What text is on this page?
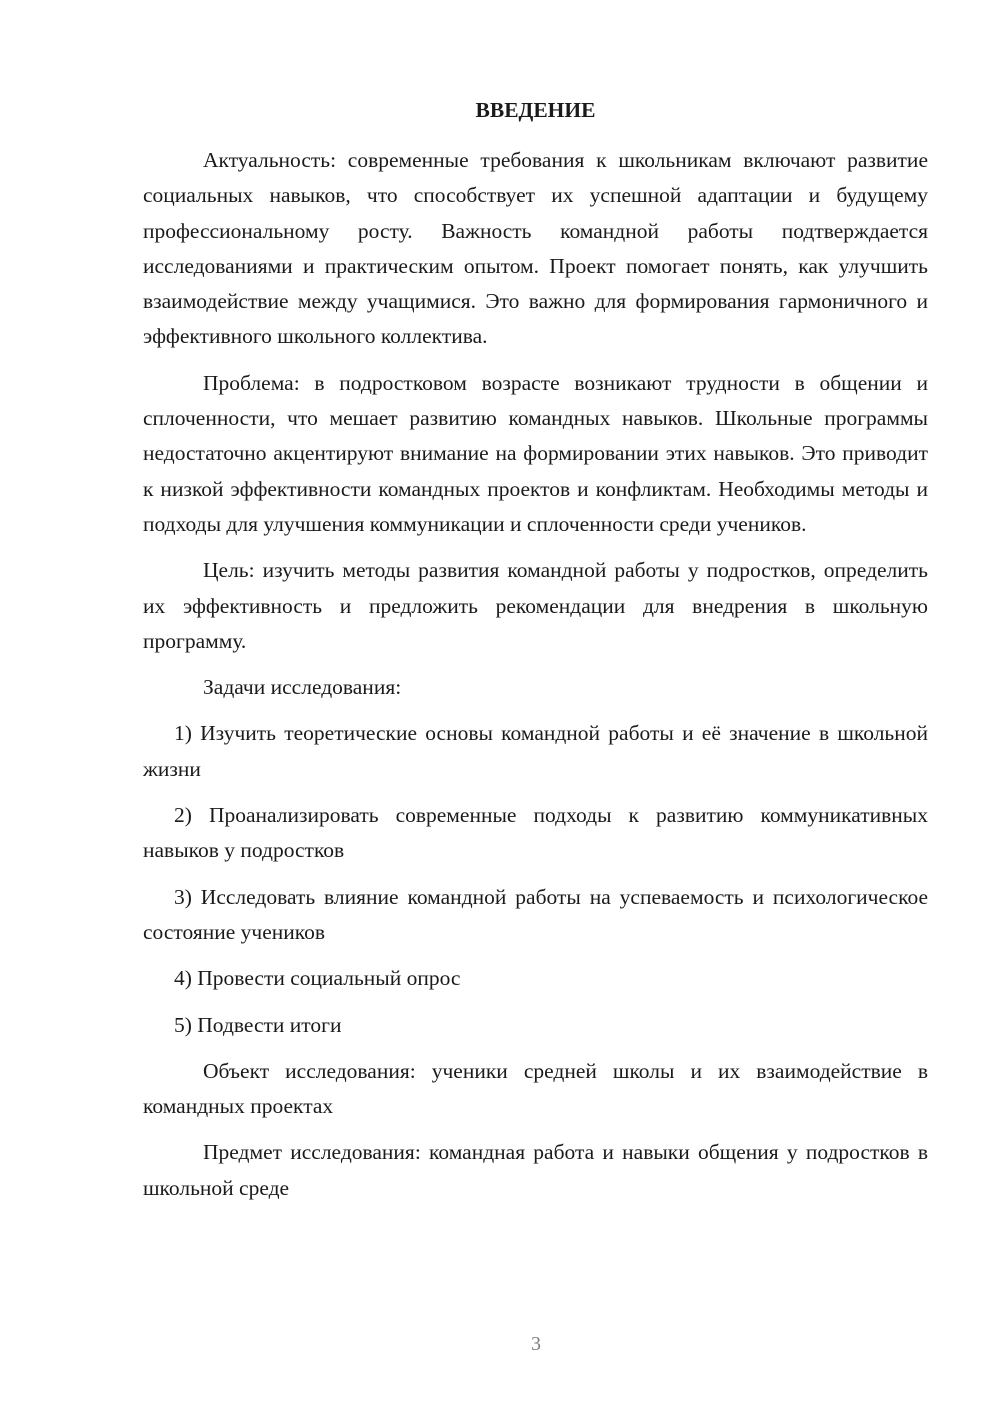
ВВЕДЕНИЕ

Актуальность: современные требования к школьникам включают развитие социальных навыков, что способствует их успешной адаптации и будущему профессиональному росту. Важность командной работы подтверждается исследованиями и практическим опытом. Проект помогает понять, как улучшить взаимодействие между учащимися. Это важно для формирования гармоничного и эффективного школьного коллектива.

Проблема: в подростковом возрасте возникают трудности в общении и сплоченности, что мешает развитию командных навыков. Школьные программы недостаточно акцентируют внимание на формировании этих навыков. Это приводит к низкой эффективности командных проектов и конфликтам. Необходимы методы и подходы для улучшения коммуникации и сплоченности среди учеников.

Цель: изучить методы развития командной работы у подростков, определить их эффективность и предложить рекомендации для внедрения в школьную программу.

Задачи исследования:

1) Изучить теоретические основы командной работы и её значение в школьной жизни

2) Проанализировать современные подходы к развитию коммуникативных навыков у подростков

3) Исследовать влияние командной работы на успеваемость и психологическое состояние учеников

4) Провести социальный опрос

5) Подвести итоги

Объект исследования: ученики средней школы и их взаимодействие в командных проектах

Предмет исследования: командная работа и навыки общения у подростков в школьной среде

3
